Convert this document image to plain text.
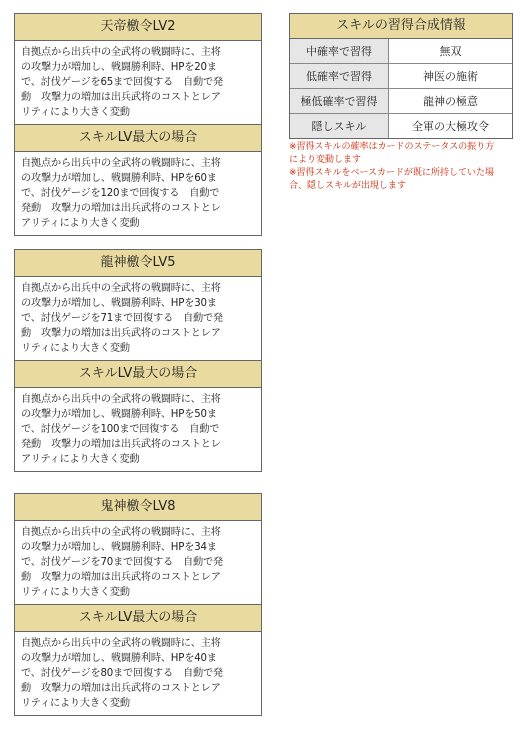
天帝檄令LV2
自拠点から出兵中の全武将の戦闘時に、主将
の攻撃力が増加し、戦闘勝利時、HPを20ま
で、討伐ゲージを65まで回復する　自動で発
動　攻撃力の増加は出兵武将のコストとレア
リティにより大きく変動
スキルLV最大の場合
自拠点から出兵中の全武将の戦闘時に、主将
の攻撃力が増加し、戦闘勝利時、HPを60ま
で、討伐ゲージを120まで回復する　自動で
発動　攻撃力の増加は出兵武将のコストとレ
アリティにより大きく変動
龍神檄令LV5
自拠点から出兵中の全武将の戦闘時に、主将
の攻撃力が増加し、戦闘勝利時、HPを30ま
で、討伐ゲージを71まで回復する　自動で発
動　攻撃力の増加は出兵武将のコストとレア
リティにより大きく変動
スキルLV最大の場合
自拠点から出兵中の全武将の戦闘時に、主将
の攻撃力が増加し、戦闘勝利時、HPを50ま
で、討伐ゲージを100まで回復する　自動で
発動　攻撃力の増加は出兵武将のコストとレ
アリティにより大きく変動
鬼神檄令LV8
自拠点から出兵中の全武将の戦闘時に、主将
の攻撃力が増加し、戦闘勝利時、HPを34ま
で、討伐ゲージを70まで回復する　自動で発
動　攻撃力の増加は出兵武将のコストとレア
リティにより大きく変動
スキルLV最大の場合
自拠点から出兵中の全武将の戦闘時に、主将
の攻撃力が増加し、戦闘勝利時、HPを40ま
で、討伐ゲージを80まで回復する　自動で発
動　攻撃力の増加は出兵武将のコストとレア
リティにより大きく変動
スキルの習得合成情報
中確率で習得	無双
低確率で習得	神医の施術
極低確率で習得	龍神の極意
隠しスキル	全軍の大極攻令
※習得スキルの確率はカードのステータスの振り方
により変動します
※習得スキルをベースカードが既に所持していた場
合、隠しスキルが出現します
